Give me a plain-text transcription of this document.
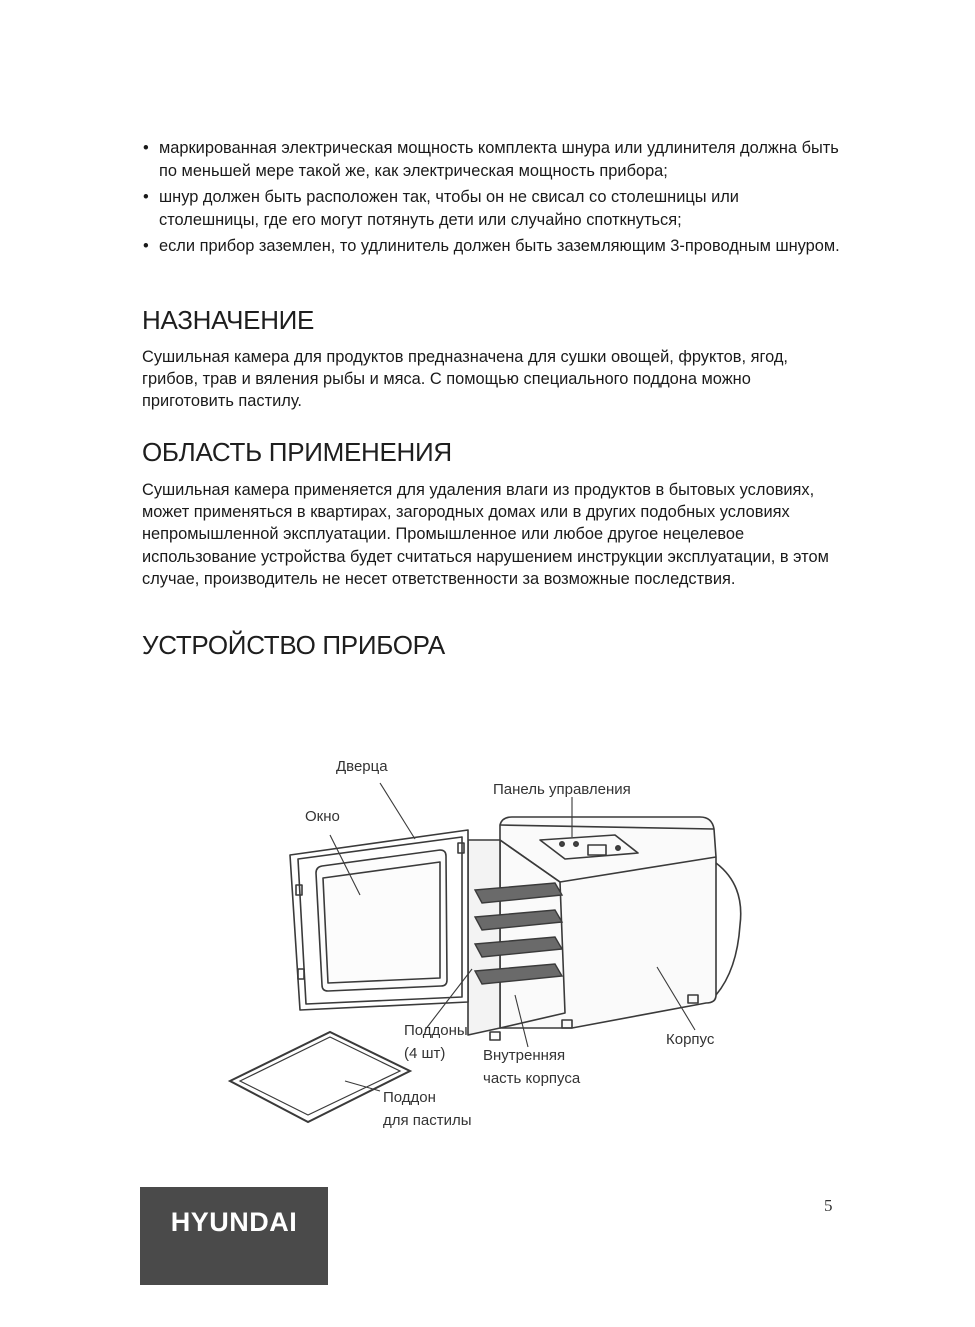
• маркированная электрическая мощность комплекта шнура или удлинителя должна быть по меньшей мере такой же, как электрическая мощность прибора;
• шнур должен быть расположен так, чтобы он не свисал со столешницы или столешницы, где его могут потянуть дети или случайно споткнуться;
• если прибор заземлен, то удлинитель должен быть заземляющим 3-проводным шнуром.
НАЗНАЧЕНИЕ

Сушильная камера для продуктов предназначена для сушки овощей, фруктов, ягод, грибов, трав и вяления рыбы и мяса. С помощью специального поддона можно приготовить пастилу.

ОБЛАСТЬ ПРИМЕНЕНИЯ

Сушильная камера применяется для удаления влаги из продуктов в бытовых условиях, может применяться в квартирах, загородных домах или в других подобных условиях непромышленной эксплуатации. Промышленное или любое другое нецелевое использование устройства будет считаться нарушением инструкции эксплуатации, в этом случае, производитель не несет ответственности за возможные последствия.

УСТРОЙСТВО ПРИБОРА
Дверца
Окно
Панель управления
Поддоны
(4 шт)	Внутренняя
часть корпуса
Корпус
Поддон
для пастилы
HYUNDAI
5
